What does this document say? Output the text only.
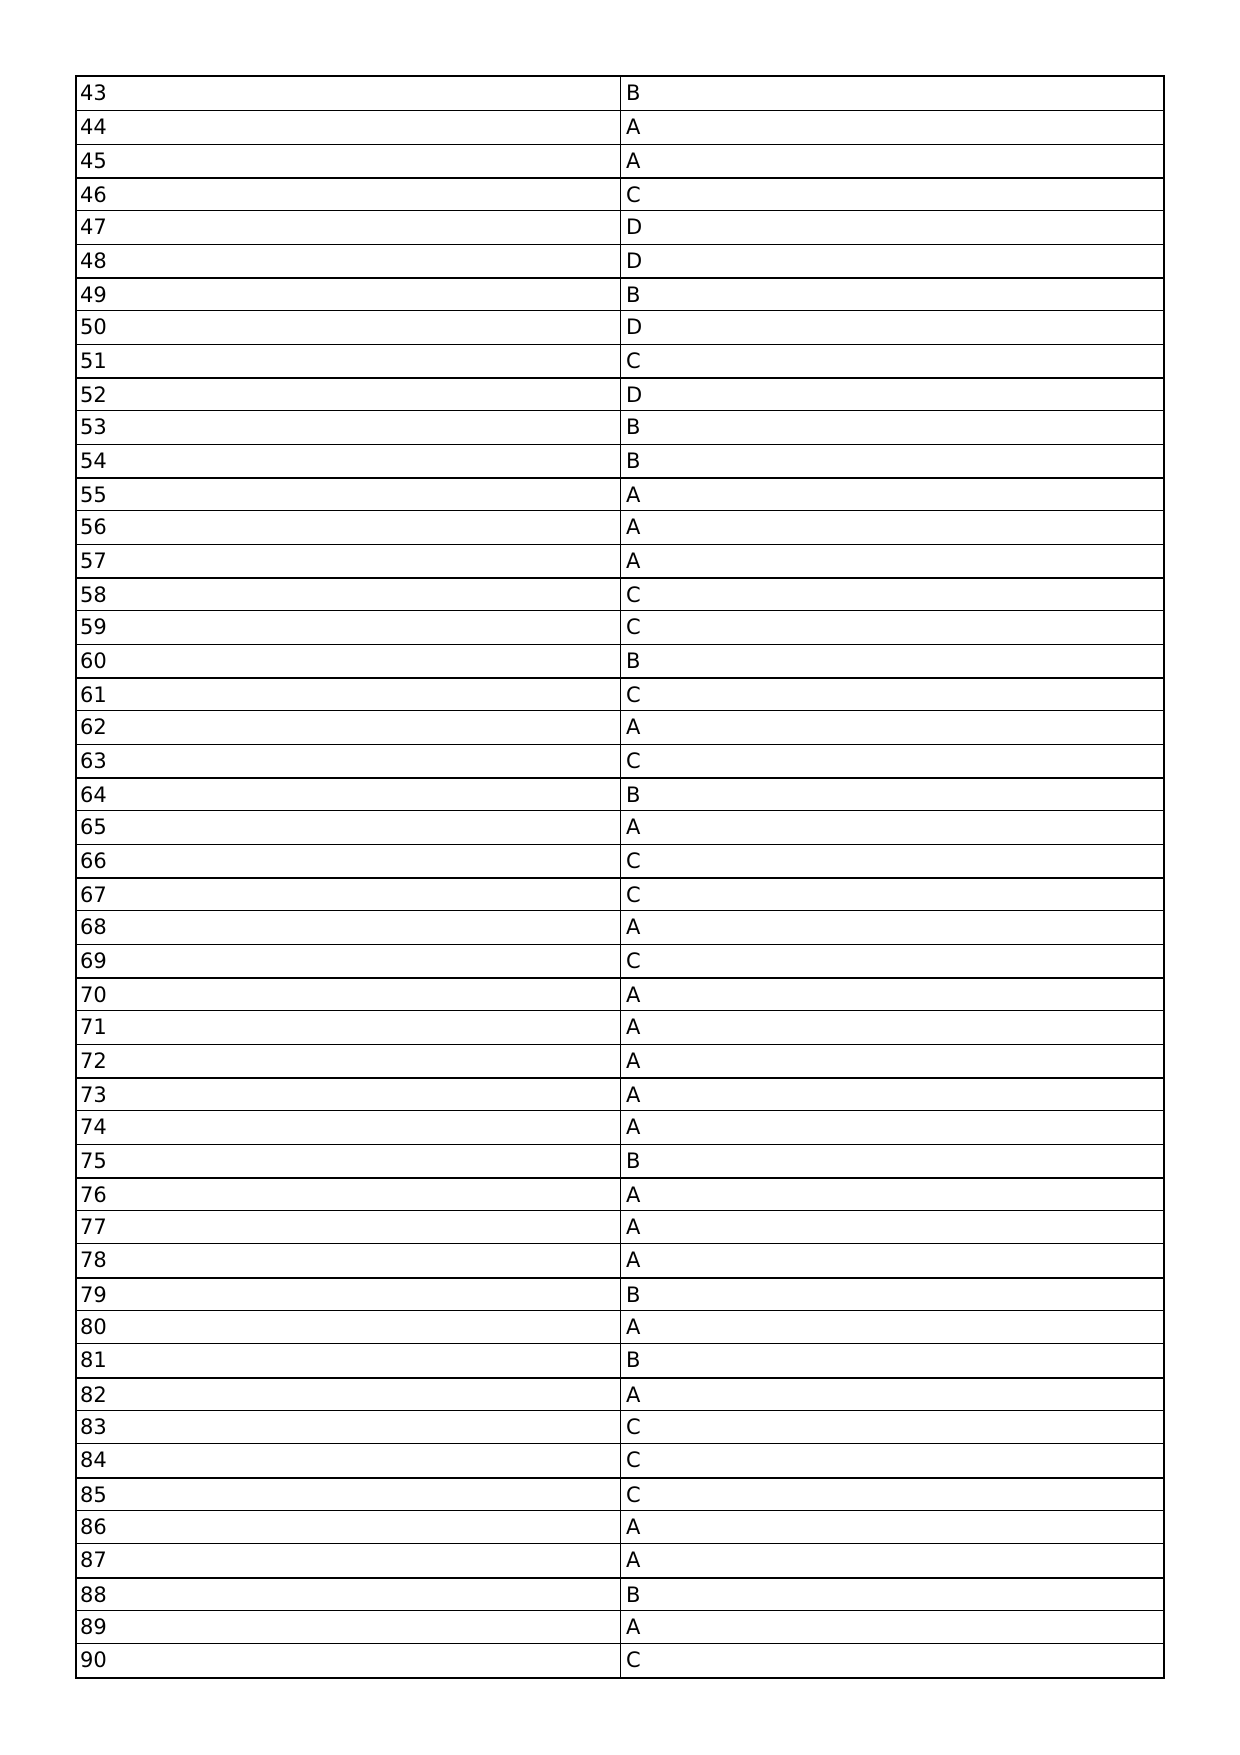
43	B
44	A
45	A
46	C
47	D
48	D
49	B
50	D
51	C
52	D
53	B
54	B
55	A
56	A
57	A
58	C
59	C
60	B
61	C
62	A
63	C
64	B
65	A
66	C
67	C
68	A
69	C
70	A
71	A
72	A
73	A
74	A
75	B
76	A
77	A
78	A
79	B
80	A
81	B
82	A
83	C
84	C
85	C
86	A
87	A
88	B
89	A
90	C
